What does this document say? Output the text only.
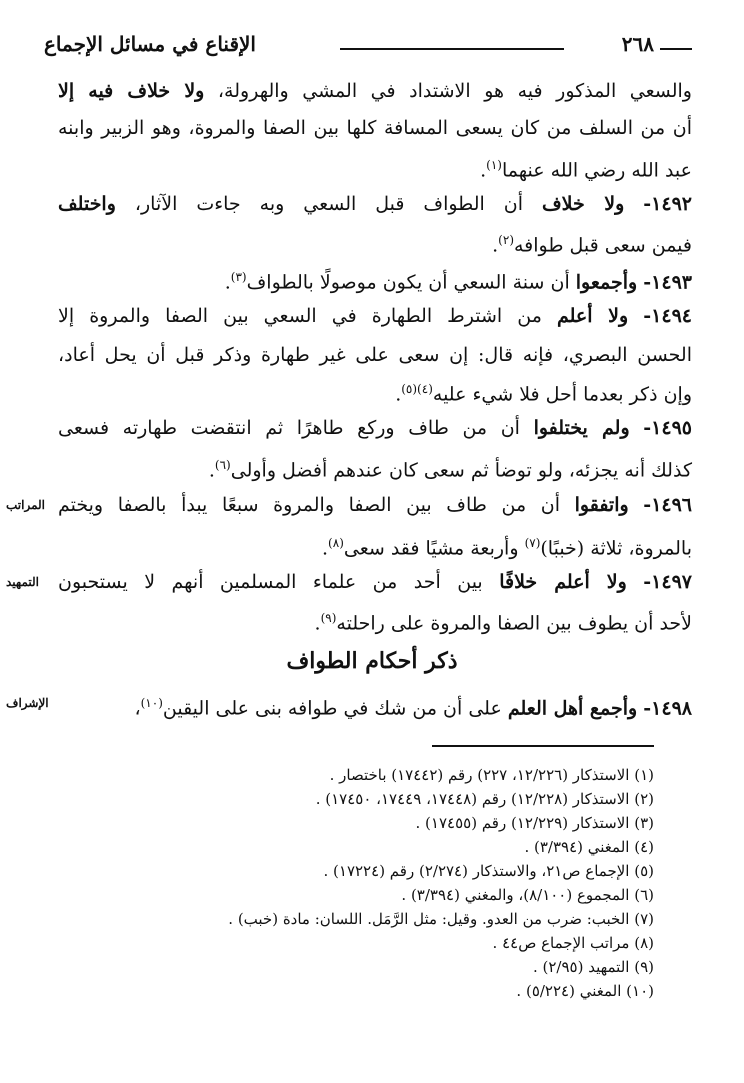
٢٦٨
الإقناع في مسائل الإجماع
والسعي المذكور فيه هو الاشتداد في المشي والهرولة، ولا خلاف فيه إلا
أن من السلف من كان يسعى المسافة كلها بين الصفا والمروة، وهو الزبير وابنه
عبد الله رضي الله عنهما$^{(١)}$.
١٤٩٢- ولا خلاف أن الطواف قبل السعي وبه جاءت الآثار، واختلف
فيمن سعى قبل طوافه$^{(٢)}$.
١٤٩٣- وأجمعوا أن سنة السعي أن يكون موصولًا بالطواف$^{(٣)}$.
١٤٩٤- ولا أعلم من اشترط الطهارة في السعي بين الصفا والمروة إلا
الحسن البصري، فإنه قال: إن سعى على غير طهارة وذكر قبل أن يحل أعاد،
وإن ذكر بعدما أحل فلا شيء عليه$^{(٤)(٥)}$.
١٤٩٥- ولم يختلفوا أن من طاف وركع طاهرًا ثم انتقضت طهارته فسعى
كذلك أنه يجزئه، ولو توضأ ثم سعى كان عندهم أفضل وأولى$^{(٦)}$.
المراتب	١٤٩٦- واتفقوا أن من طاف بين الصفا والمروة سبعًا يبدأ بالصفا ويختم
بالمروة، ثلاثة (خببًا)$^{(٧)}$ وأربعة مشيًا فقد سعى$^{(٨)}$.
التمهيد	١٤٩٧- ولا أعلم خلافًا بين أحد من علماء المسلمين أنهم لا يستحبون
لأحد أن يطوف بين الصفا والمروة على راحلته$^{(٩)}$.
ذكر أحكام الطواف
الإشراف	١٤٩٨- وأجمع أهل العلم على أن من شك في طوافه بنى على اليقين$^{(١٠)}$،
(١) الاستذكار (١٢/٢٢٦، ٢٢٧) رقم (١٧٤٤٢) باختصار .
(٢) الاستذكار (١٢/٢٢٨) رقم (١٧٤٤٨، ١٧٤٤٩، ١٧٤٥٠) .
(٣) الاستذكار (١٢/٢٢٩) رقم (١٧٤٥٥) .
(٤) المغني (٣/٣٩٤) .
(٥) الإجماع ص٢١، والاستذكار (٢/٢٧٤) رقم (١٧٢٢٤) .
(٦) المجموع (٨/١٠٠)، والمغني (٣/٣٩٤) .
(٧) الخبب: ضرب من العدو. وقيل: مثل الرَّمَل. اللسان: مادة (خبب) .
(٨) مراتب الإجماع ص٤٤ .
(٩) التمهيد (٢/٩٥) .
(١٠) المغني (٥/٢٢٤) .
